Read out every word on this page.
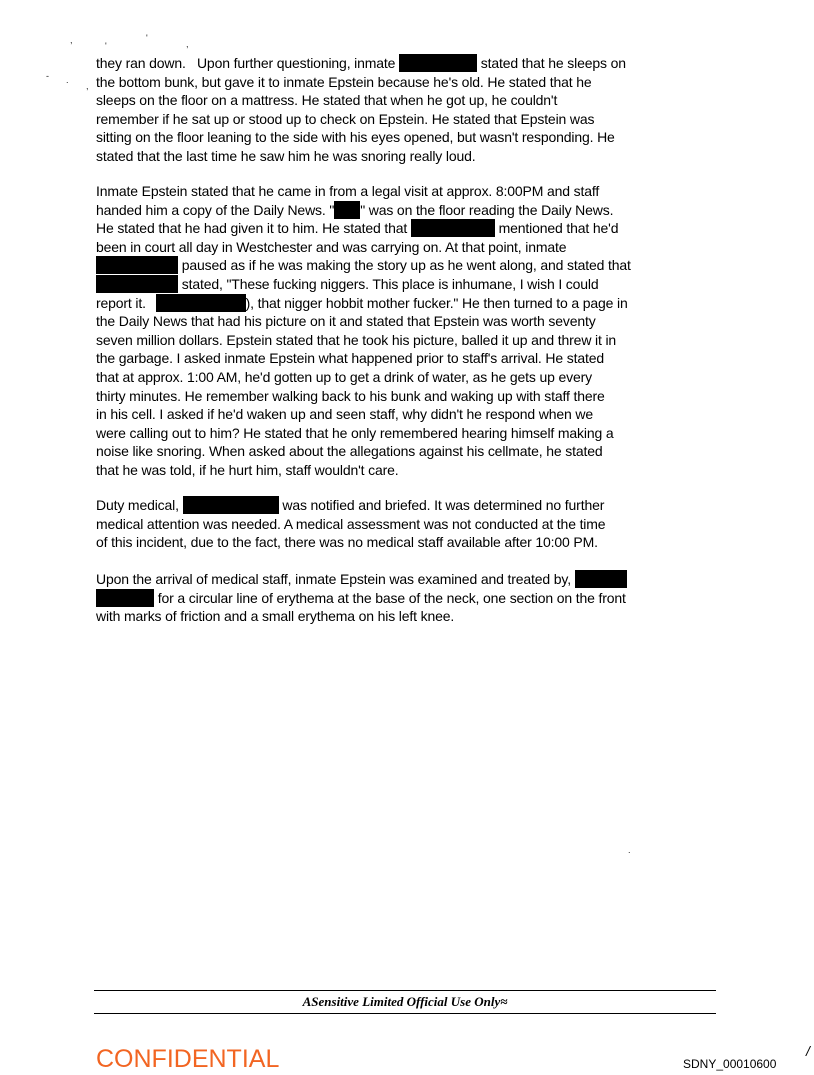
,
'
'
,
- .
,
.
they ran down. Upon further questioning, inmate	stated that he sleeps on
the bottom bunk, but gave it to inmate Epstein because he's old. He stated that he
sleeps on the floor on a mattress. He stated that when he got up, he couldn't
remember if he sat up or stood up to check on Epstein. He stated that Epstein was
sitting on the floor leaning to the side with his eyes opened, but wasn't responding. He
stated that the last time he saw him he was snoring really loud.
Inmate Epstein stated that he came in from a legal visit at approx. 8:00PM and staff
handed him a copy of the Daily News. " " was on the floor reading the Daily News.
He stated that he had given it to him. He stated that	mentioned that he'd
been in court all day in Westchester and was carrying on. At that point, inmate
paused as if he was making the story up as he went along, and stated that
stated, "These fucking niggers. This place is inhumane, I wish I could
report it.	), that nigger hobbit mother fucker." He then turned to a page in
the Daily News that had his picture on it and stated that Epstein was worth seventy
seven million dollars. Epstein stated that he took his picture, balled it up and threw it in
the garbage. I asked inmate Epstein what happened prior to staff's arrival. He stated
that at approx. 1:00 AM, he'd gotten up to get a drink of water, as he gets up every
thirty minutes. He remember walking back to his bunk and waking up with staff there
in his cell. I asked if he'd waken up and seen staff, why didn't he respond when we
were calling out to him? He stated that he only remembered hearing himself making a
noise like snoring. When asked about the allegations against his cellmate, he stated
that he was told, if he hurt him, staff wouldn't care.
Duty medical,	was notified and briefed. It was determined no further
medical attention was needed. A medical assessment was not conducted at the time
of this incident, due to the fact, there was no medical staff available after 10:00 PM.
Upon the arrival of medical staff, inmate Epstein was examined and treated by,
for a circular line of erythema at the base of the neck, one section on the front
with marks of friction and a small erythema on his left knee.
ASensitive Limited Official Use Only≈
CONFIDENTIAL	SDNY_00010600
/
